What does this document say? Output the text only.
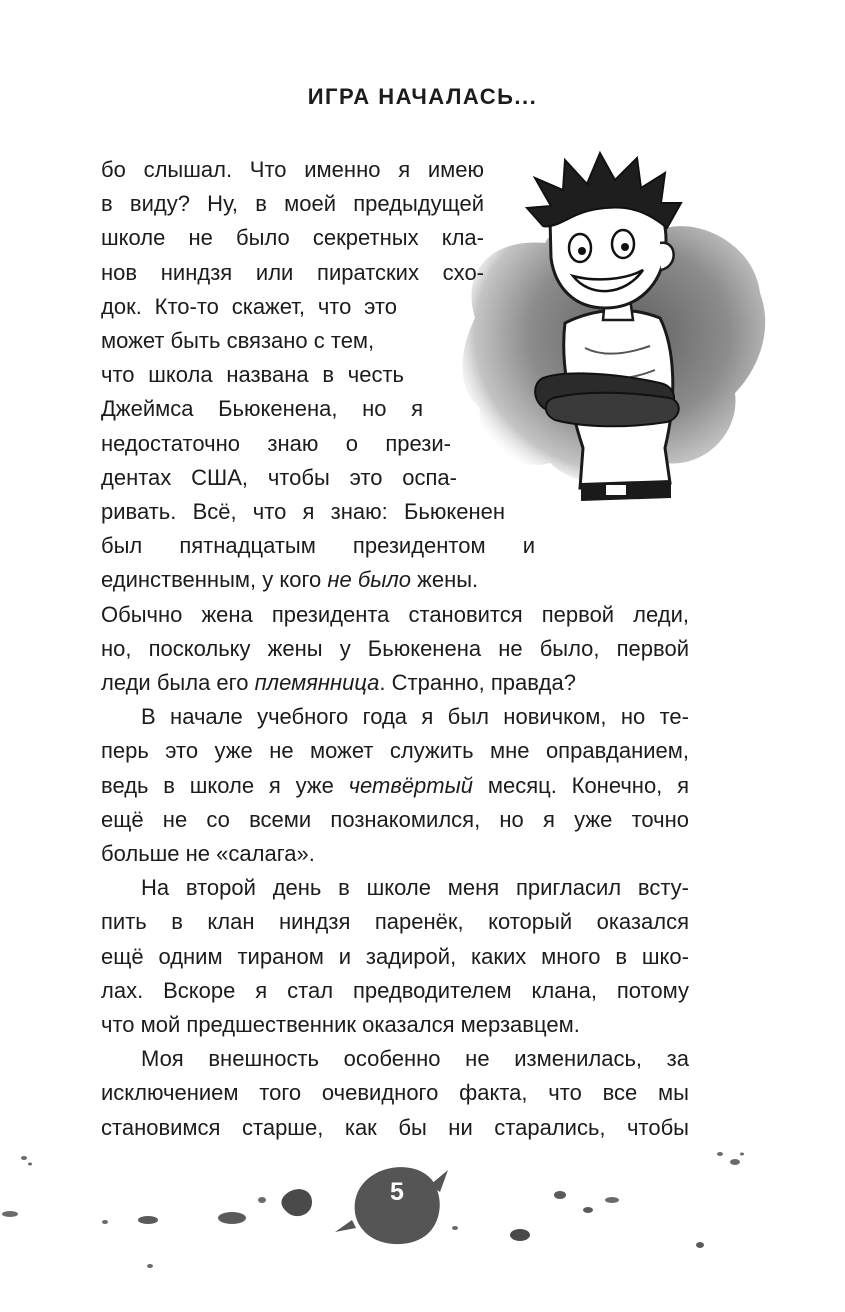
ИГРА НАЧАЛАСЬ...
бо слышал. Что именно я имею
в виду? Ну, в моей предыдущей
школе не было секретных кла-
нов ниндзя или пиратских схо-
док. Кто-то скажет, что это
может быть связано с тем,
что школа названа в честь
Джеймса Бьюкенена, но я
недостаточно знаю о прези-
дентах США, чтобы это оспа-
ривать. Всё, что я знаю: Бьюкенен
был пятнадцатым президентом и
единственным, у кого не было жены.
Обычно жена президента становится первой леди,
но, поскольку жены у Бьюкенена не было, первой
леди была его племянница. Странно, правда?
В начале учебного года я был новичком, но те-
перь это уже не может служить мне оправданием,
ведь в школе я уже четвёртый месяц. Конечно, я
ещё не со всеми познакомился, но я уже точно
больше не «салага».
На второй день в школе меня пригласил всту-
пить в клан ниндзя паренёк, который оказался
ещё одним тираном и задирой, каких много в шко-
лах. Вскоре я стал предводителем клана, потому
что мой предшественник оказался мерзавцем.
Моя внешность особенно не изменилась, за
исключением того очевидного факта, что все мы
становимся старше, как бы ни старались, чтобы
5
